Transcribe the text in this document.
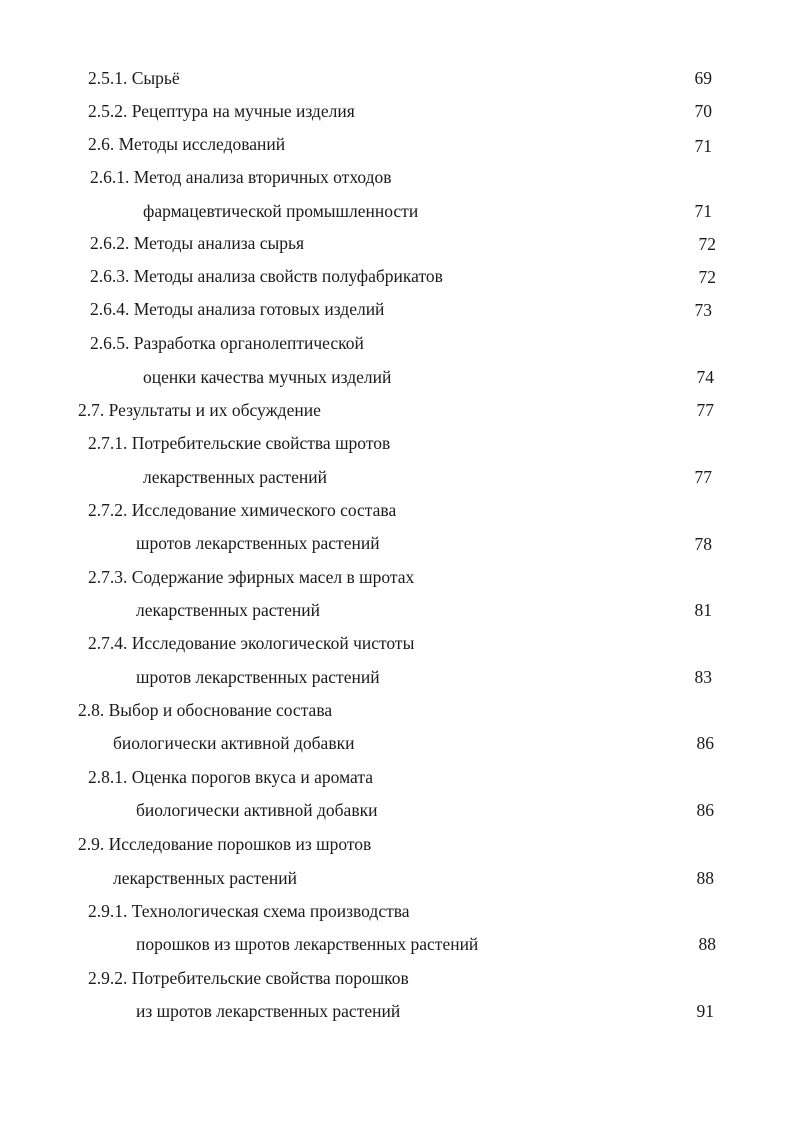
2.5.1. Сырьё	69
2.5.2. Рецептура на мучные изделия	70
2.6. Методы исследований	71
2.6.1. Метод анализа вторичных отходов
фармацевтической промышленности	71
2.6.2. Методы анализа сырья	72
2.6.3. Методы анализа свойств полуфабрикатов	72
2.6.4. Методы анализа готовых изделий	73
2.6.5. Разработка органолептической
оценки качества мучных изделий	74
2.7. Результаты и их обсуждение	77
2.7.1. Потребительские свойства шротов
лекарственных растений	77
2.7.2. Исследование химического состава
шротов лекарственных растений	78
2.7.3. Содержание эфирных масел в шротах
лекарственных растений	81
2.7.4. Исследование экологической чистоты
шротов лекарственных растений	83
2.8. Выбор и обоснование состава
биологически активной добавки	86
2.8.1. Оценка порогов вкуса и аромата
биологически активной добавки	86
2.9. Исследование порошков из шротов
лекарственных растений	88
2.9.1. Технологическая схема производства
порошков из шротов лекарственных растений	88
2.9.2. Потребительские свойства порошков
из шротов лекарственных растений	91
